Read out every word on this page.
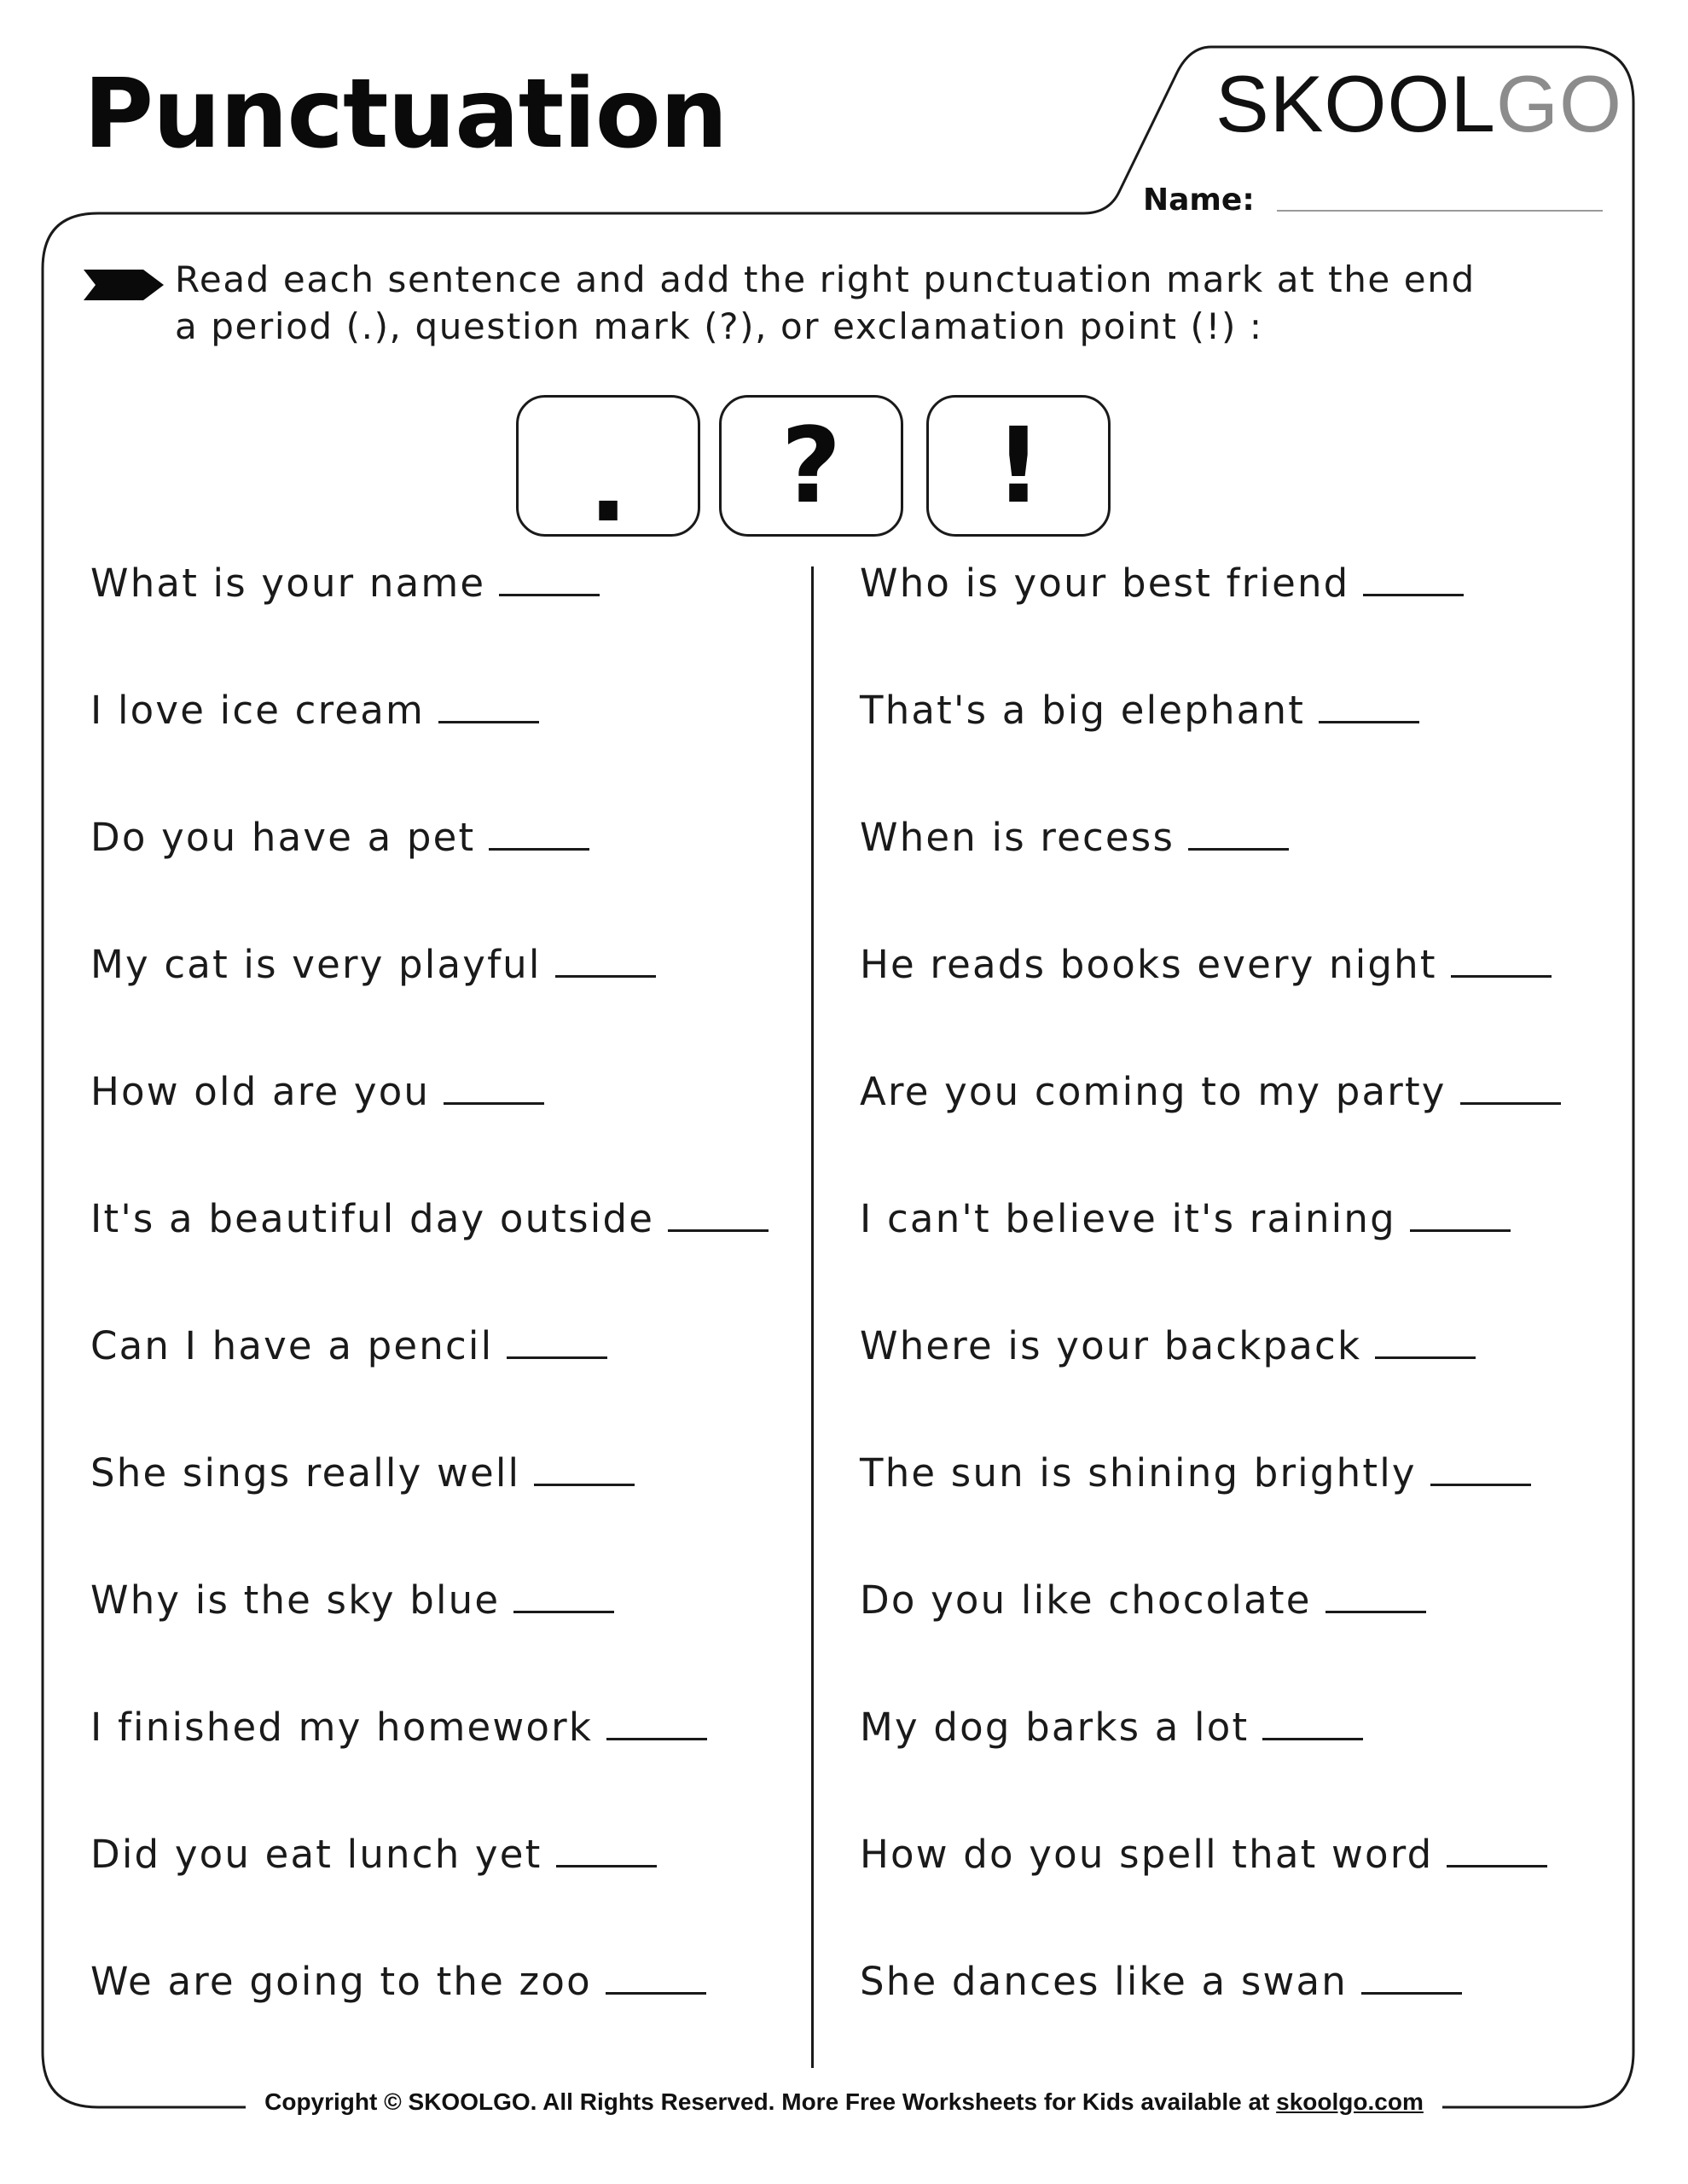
Punctuation	SKOOL GO
Name:
Read each sentence and add the right punctuation mark at the end
a period (.), question mark (?), or exclamation point (!) :
. ? !
What is your name
I love ice cream
Do you have a pet
My cat is very playful
How old are you
It's a beautiful day outside
Can I have a pencil
She sings really well
Why is the sky blue
I finished my homework
Did you eat lunch yet
We are going to the zoo
Who is your best friend
That's a big elephant
When is recess
He reads books every night
Are you coming to my party
I can't believe it's raining
Where is your backpack
The sun is shining brightly
Do you like chocolate
My dog barks a lot
How do you spell that word
She dances like a swan
Copyright © SKOOLGO. All Rights Reserved. More Free Worksheets for Kids available at skoolgo.com
